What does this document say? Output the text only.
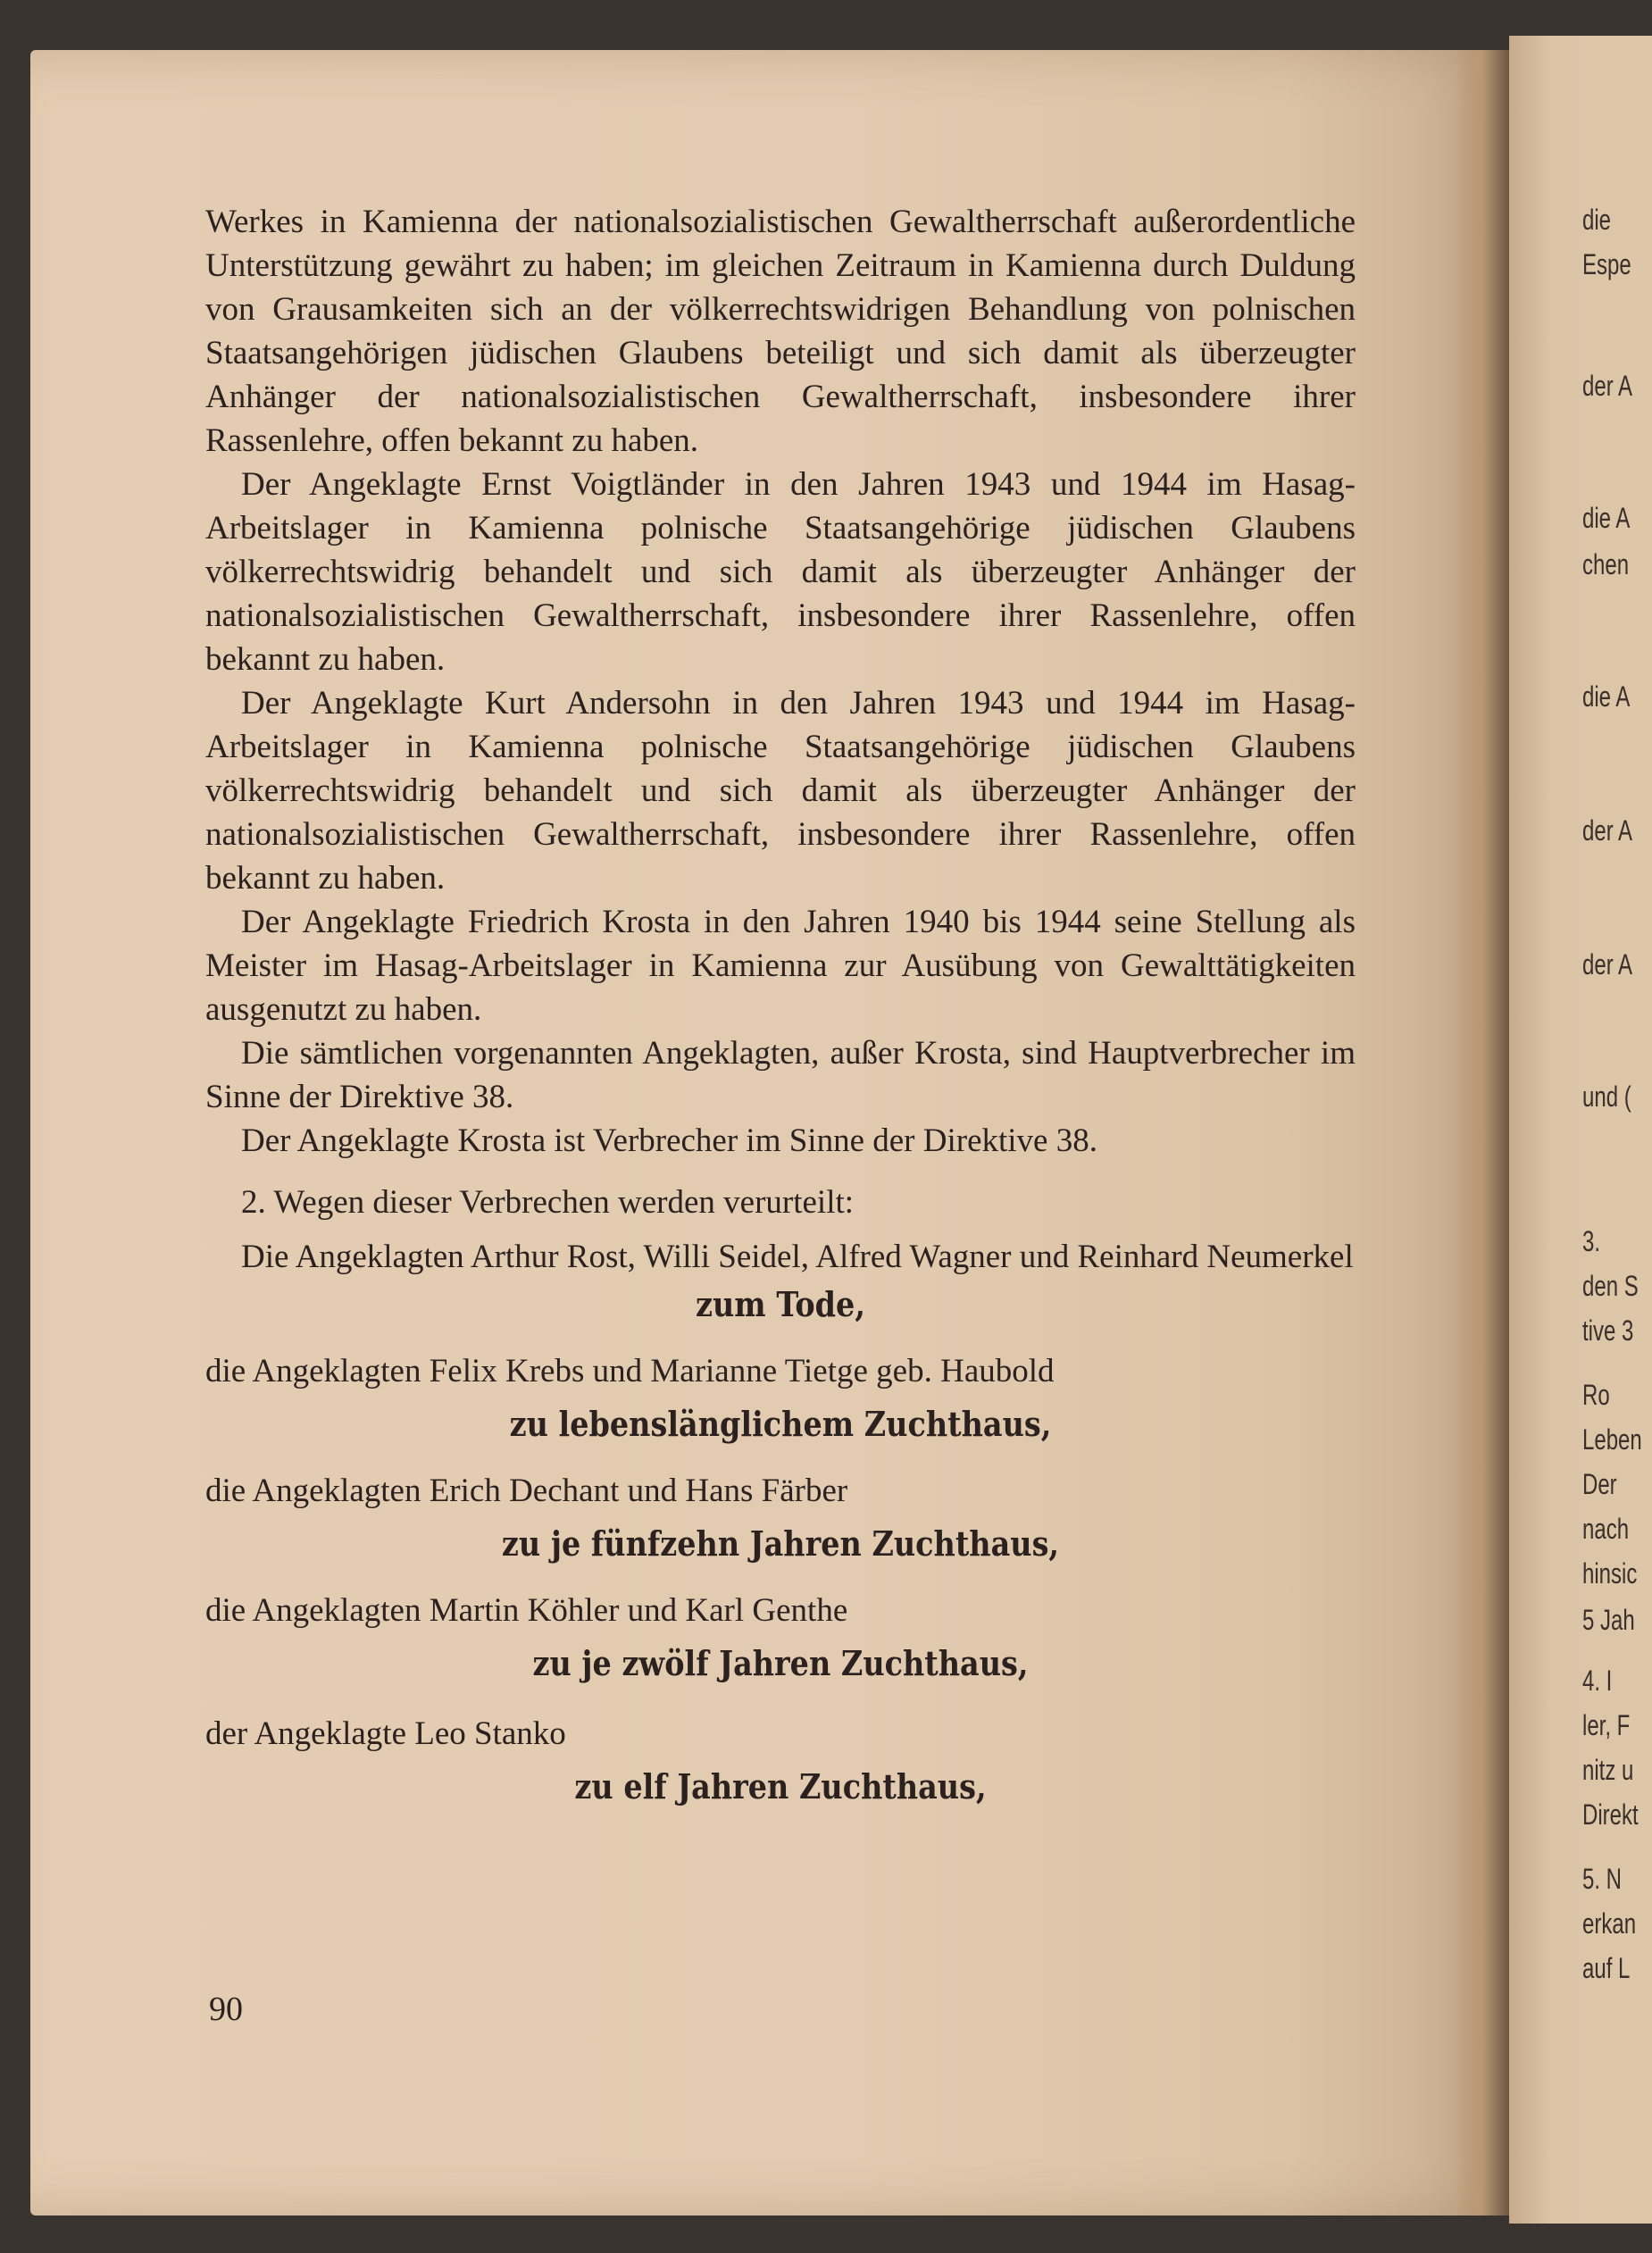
die
Espe
der A
die A
chen
die A
der A
der A
und (
3.
den S
tive 3
Ro
Leben
Der
nach
hinsic
5 Jah
4. I
ler, F
nitz u
Direkt
5. N
erkan
auf L

Werkes in Kamienna der nationalsozialistischen Gewaltherrschaft außerordentliche Unterstützung gewährt zu haben; im gleichen Zeitraum in Kamienna durch Duldung von Grausamkeiten sich an der völkerrechtswidrigen Behandlung von polnischen Staatsangehörigen jüdischen Glaubens beteiligt und sich damit als überzeugter Anhänger der nationalsozialistischen Gewaltherrschaft, insbesondere ihrer Rassenlehre, offen bekannt zu haben.

Der Angeklagte Ernst Voigtländer in den Jahren 1943 und 1944 im Hasag-Arbeitslager in Kamienna polnische Staatsangehörige jüdischen Glaubens völkerrechtswidrig behandelt und sich damit als überzeugter Anhänger der nationalsozialistischen Gewaltherrschaft, insbesondere ihrer Rassenlehre, offen bekannt zu haben.

Der Angeklagte Kurt Andersohn in den Jahren 1943 und 1944 im Hasag-Arbeitslager in Kamienna polnische Staatsangehörige jüdischen Glaubens völkerrechtswidrig behandelt und sich damit als überzeugter Anhänger der nationalsozialistischen Gewaltherrschaft, insbesondere ihrer Rassenlehre, offen bekannt zu haben.

Der Angeklagte Friedrich Krosta in den Jahren 1940 bis 1944 seine Stellung als Meister im Hasag-Arbeitslager in Kamienna zur Ausübung von Gewalttätigkeiten ausgenutzt zu haben.

Die sämtlichen vorgenannten Angeklagten, außer Krosta, sind Hauptverbrecher im Sinne der Direktive 38.

Der Angeklagte Krosta ist Verbrecher im Sinne der Direktive 38.

2. Wegen dieser Verbrechen werden verurteilt:

Die Angeklagten Arthur Rost, Willi Seidel, Alfred Wagner und Reinhard Neumerkel

zum Tode,

die Angeklagten Felix Krebs und Marianne Tietge geb. Haubold

zu lebenslänglichem Zuchthaus,

die Angeklagten Erich Dechant und Hans Färber

zu je fünfzehn Jahren Zuchthaus,

die Angeklagten Martin Köhler und Karl Genthe

zu je zwölf Jahren Zuchthaus,

der Angeklagte Leo Stanko

zu elf Jahren Zuchthaus,
90
